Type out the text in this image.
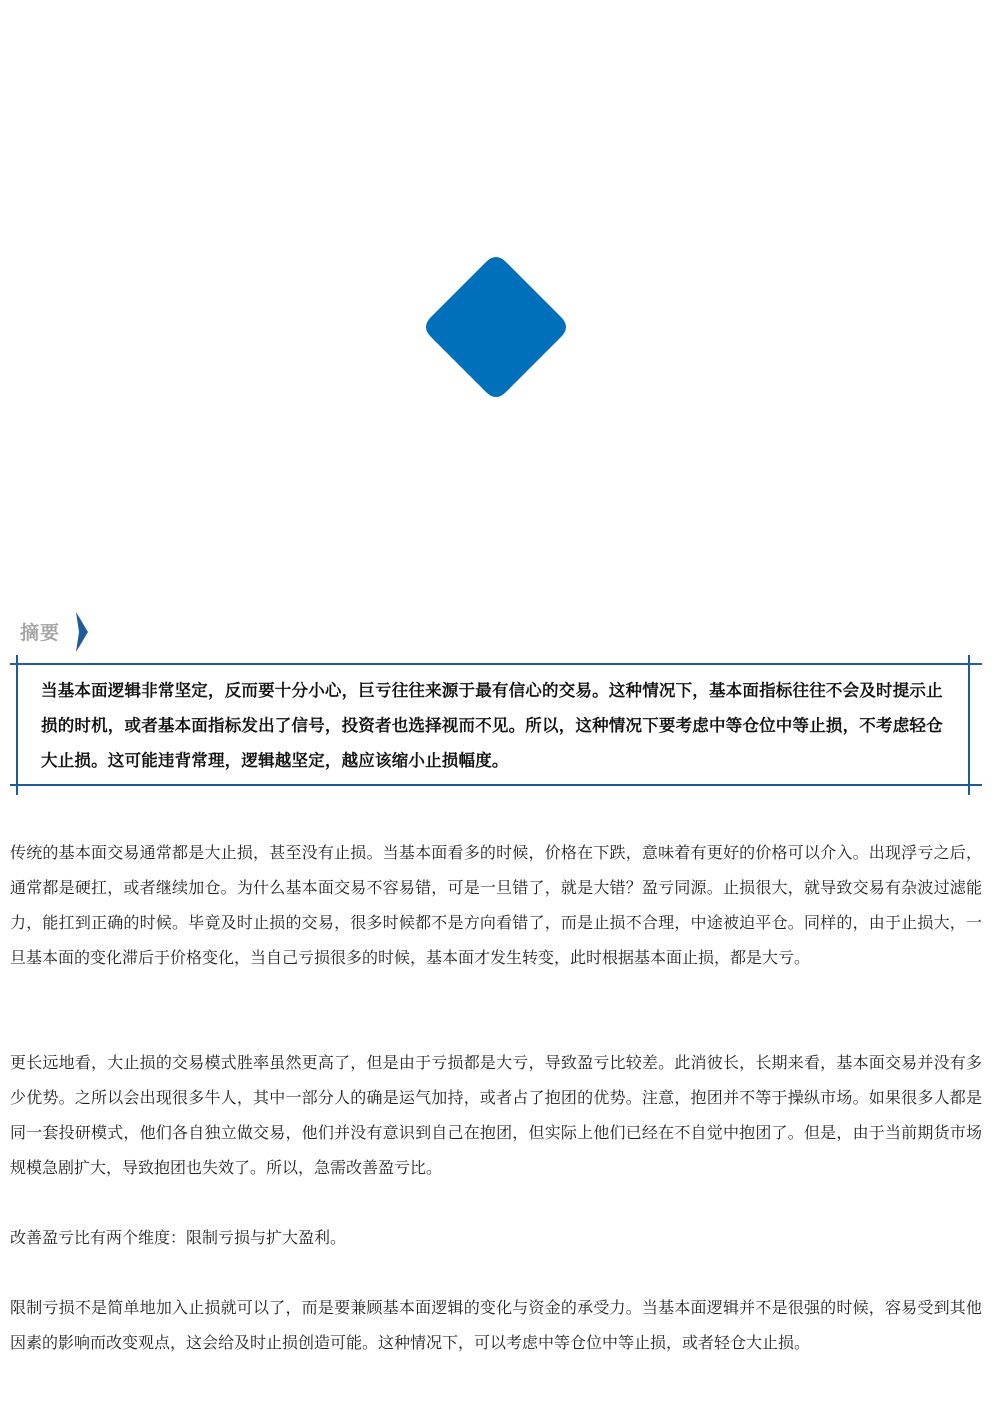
摘要
当基本面逻辑非常坚定，反而要十分小心，巨亏往往来源于最有信心的交易。这种情况下，基本面指标往往不会及时提示止损的时机，或者基本面指标发出了信号，投资者也选择视而不见。所以，这种情况下要考虑中等仓位中等止损，不考虑轻仓大止损。这可能违背常理，逻辑越坚定，越应该缩小止损幅度。

传统的基本面交易通常都是大止损，甚至没有止损。当基本面看多的时候，价格在下跌，意味着有更好的价格可以介入。出现浮亏之后，通常都是硬扛，或者继续加仓。为什么基本面交易不容易错，可是一旦错了，就是大错？盈亏同源。止损很大，就导致交易有杂波过滤能力，能扛到正确的时候。毕竟及时止损的交易，很多时候都不是方向看错了，而是止损不合理，中途被迫平仓。同样的，由于止损大，一旦基本面的变化滞后于价格变化，当自己亏损很多的时候，基本面才发生转变，此时根据基本面止损，都是大亏。

更长远地看，大止损的交易模式胜率虽然更高了，但是由于亏损都是大亏，导致盈亏比较差。此消彼长，长期来看，基本面交易并没有多少优势。之所以会出现很多牛人，其中一部分人的确是运气加持，或者占了抱团的优势。注意，抱团并不等于操纵市场。如果很多人都是同一套投研模式，他们各自独立做交易，他们并没有意识到自己在抱团，但实际上他们已经在不自觉中抱团了。但是，由于当前期货市场规模急剧扩大，导致抱团也失效了。所以，急需改善盈亏比。

改善盈亏比有两个维度：限制亏损与扩大盈利。

限制亏损不是简单地加入止损就可以了，而是要兼顾基本面逻辑的变化与资金的承受力。当基本面逻辑并不是很强的时候，容易受到其他因素的影响而改变观点，这会给及时止损创造可能。这种情况下，可以考虑中等仓位中等止损，或者轻仓大止损。
